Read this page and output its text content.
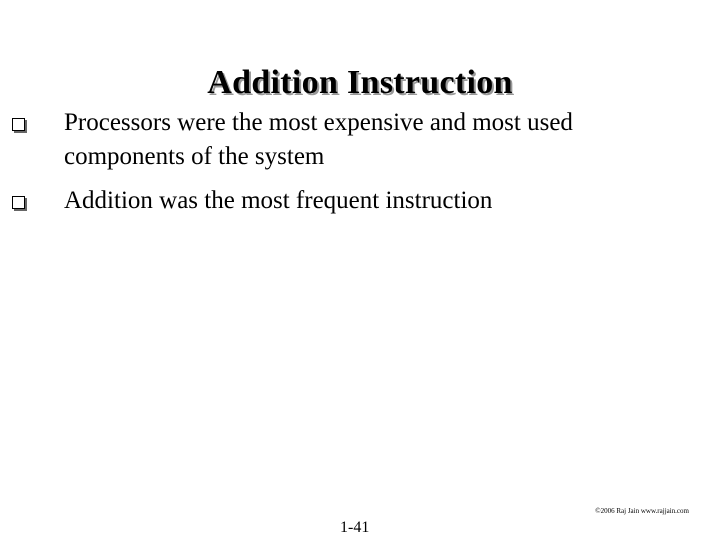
Addition Instruction
Processors were the most expensive and most used components of the system
Addition was the most frequent instruction
©2006 Raj Jain www.rajjain.com
1-41
